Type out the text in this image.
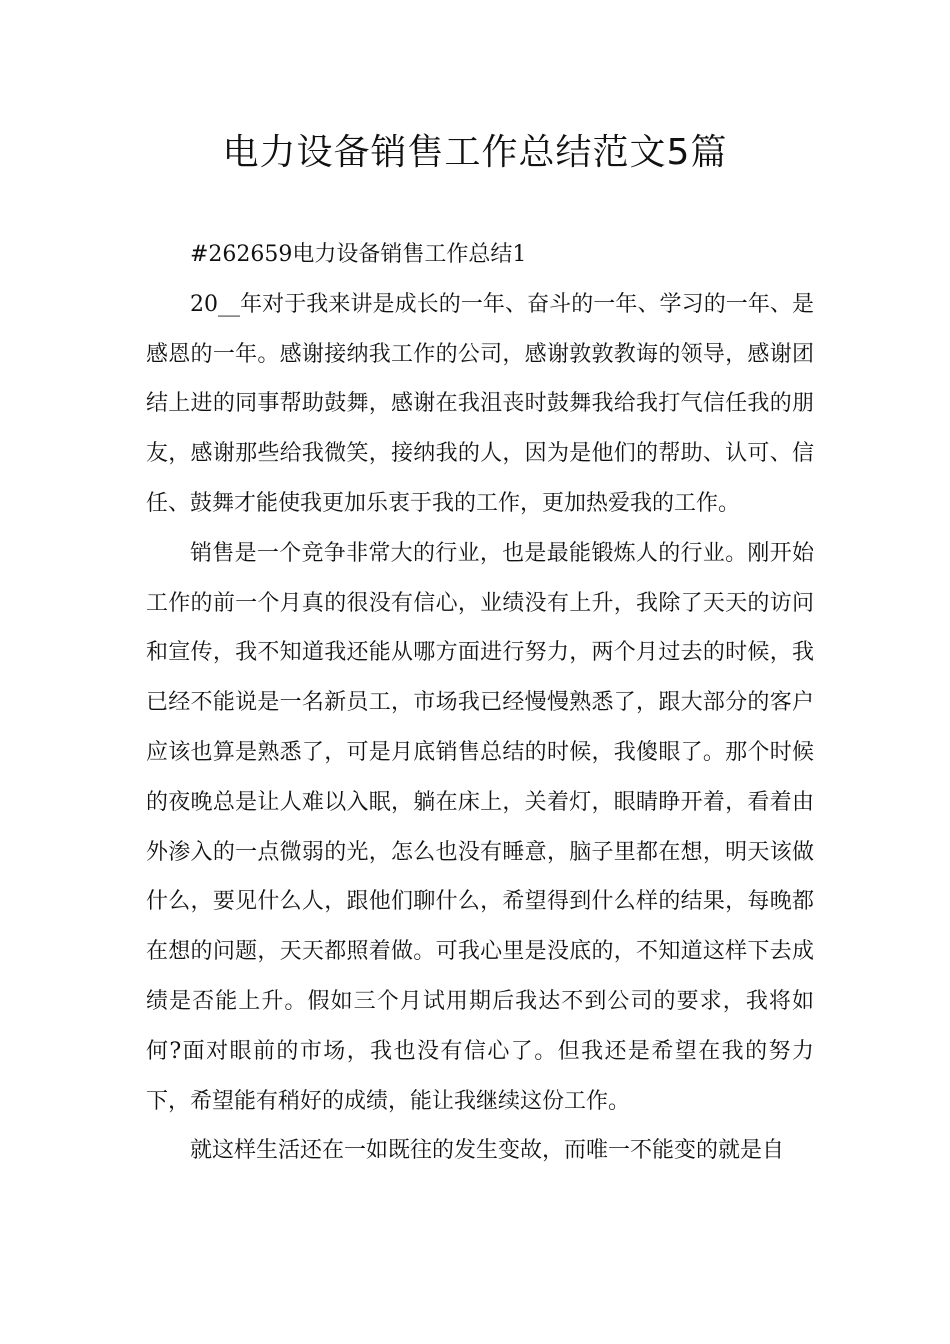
电力设备销售工作总结范文5篇

#262659电力设备销售工作总结1

20__年对于我来讲是成长的一年、奋斗的一年、学习的一年、是感恩的一年。感谢接纳我工作的公司，感谢敦敦教诲的领导，感谢团结上进的同事帮助鼓舞，感谢在我沮丧时鼓舞我给我打气信任我的朋友，感谢那些给我微笑，接纳我的人，因为是他们的帮助、认可、信任、鼓舞才能使我更加乐衷于我的工作，更加热爱我的工作。

销售是一个竞争非常大的行业，也是最能锻炼人的行业。刚开始工作的前一个月真的很没有信心，业绩没有上升，我除了天天的访问和宣传，我不知道我还能从哪方面进行努力，两个月过去的时候，我已经不能说是一名新员工，市场我已经慢慢熟悉了，跟大部分的客户应该也算是熟悉了，可是月底销售总结的时候，我傻眼了。那个时候的夜晚总是让人难以入眠，躺在床上，关着灯，眼睛睁开着，看着由外渗入的一点微弱的光，怎么也没有睡意，脑子里都在想，明天该做什么，要见什么人，跟他们聊什么，希望得到什么样的结果，每晚都在想的问题，天天都照着做。可我心里是没底的，不知道这样下去成绩是否能上升。假如三个月试用期后我达不到公司的要求，我将如何?面对眼前的市场，我也没有信心了。但我还是希望在我的努力下，希望能有稍好的成绩，能让我继续这份工作。

就这样生活还在一如既往的发生变故，而唯一不能变的就是自
